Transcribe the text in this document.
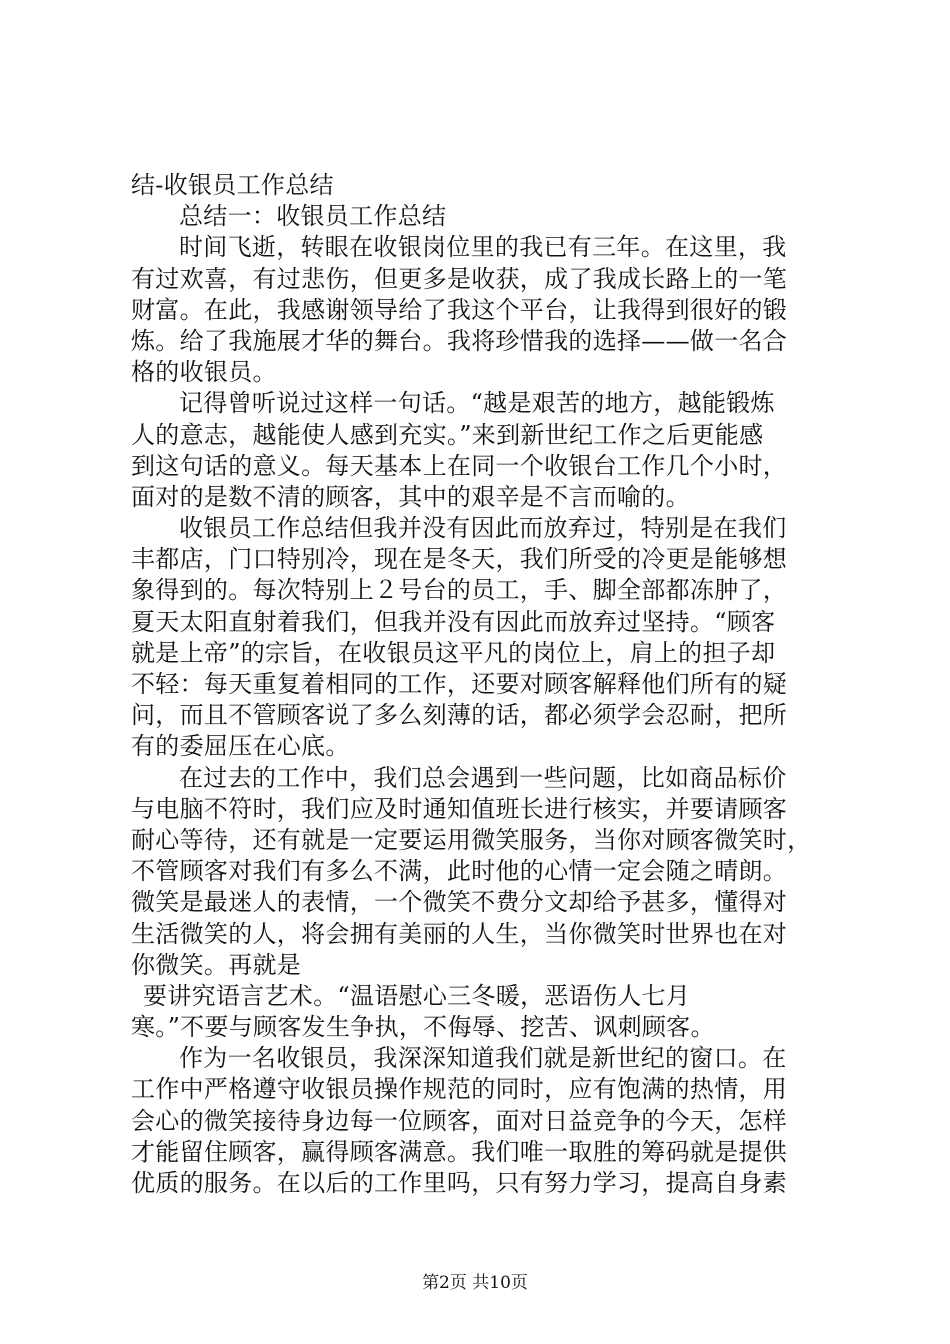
结-收银员工作总结
总结一：收银员工作总结
时间飞逝，转眼在收银岗位里的我已有三年。在这里，我
有过欢喜，有过悲伤，但更多是收获，成了我成长路上的一笔
财富。在此，我感谢领导给了我这个平台，让我得到很好的锻
炼。给了我施展才华的舞台。我将珍惜我的选择——做一名合
格的收银员。
记得曾听说过这样一句话。“越是艰苦的地方，越能锻炼
人的意志，越能使人感到充实。”来到新世纪工作之后更能感
到这句话的意义。每天基本上在同一个收银台工作几个小时，
面对的是数不清的顾客，其中的艰辛是不言而喻的。
收银员工作总结但我并没有因此而放弃过，特别是在我们
丰都店，门口特别冷，现在是冬天，我们所受的冷更是能够想
象得到的。每次特别上２号台的员工，手、脚全部都冻肿了，
夏天太阳直射着我们，但我并没有因此而放弃过坚持。“顾客
就是上帝”的宗旨，在收银员这平凡的岗位上，肩上的担子却
不轻：每天重复着相同的工作，还要对顾客解释他们所有的疑
问，而且不管顾客说了多么刻薄的话，都必须学会忍耐，把所
有的委屈压在心底。
在过去的工作中，我们总会遇到一些问题，比如商品标价
与电脑不符时，我们应及时通知值班长进行核实，并要请顾客
耐心等待，还有就是一定要运用微笑服务，当你对顾客微笑时，
不管顾客对我们有多么不满，此时他的心情一定会随之晴朗。
微笑是最迷人的表情，一个微笑不费分文却给予甚多，懂得对
生活微笑的人，将会拥有美丽的人生，当你微笑时世界也在对
你微笑。再就是
要讲究语言艺术。“温语慰心三冬暖，恶语伤人七月
寒。”不要与顾客发生争执，不侮辱、挖苦、讽刺顾客。
作为一名收银员，我深深知道我们就是新世纪的窗口。在
工作中严格遵守收银员操作规范的同时，应有饱满的热情，用
会心的微笑接待身边每一位顾客，面对日益竞争的今天，怎样
才能留住顾客，赢得顾客满意。我们唯一取胜的筹码就是提供
优质的服务。在以后的工作里吗，只有努力学习，提高自身素
第2页 共10页
